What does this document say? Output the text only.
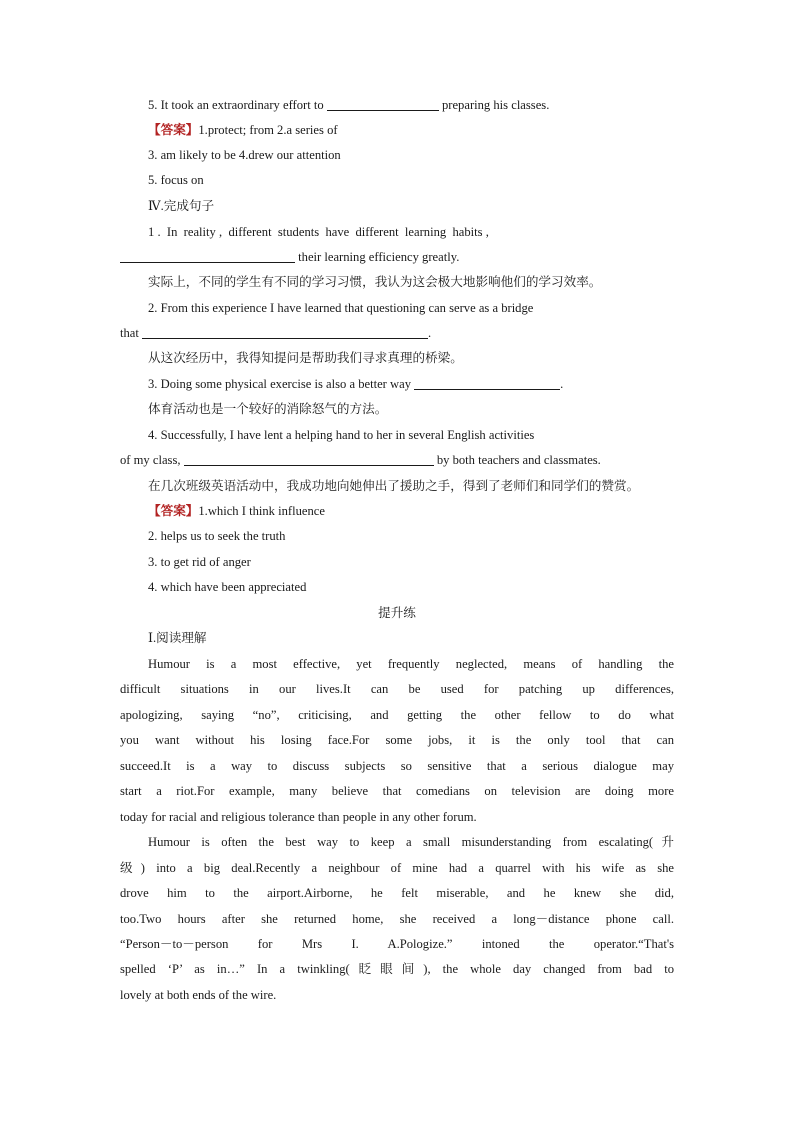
5. It took an extraordinary effort to	preparing his classes.
【答案】1.protect; from 2.a series of
3. am likely to be 4.drew our attention
5. focus on
Ⅳ.完成句子
1 .  In  reality ,  different  students  have  different  learning  habits ,
their learning efficiency greatly.
实际上，不同的学生有不同的学习习惯，我认为这会极大地影响他们的学习效率。
2. From this experience I have learned that questioning can serve as a bridge
that	.
从这次经历中，我得知提问是帮助我们寻求真理的桥梁。
3. Doing some physical exercise is also a better way	.
体育活动也是一个较好的消除怒气的方法。
4. Successfully, I have lent a helping hand to her in several English activities
of my class,	by both teachers and classmates.
在几次班级英语活动中，我成功地向她伸出了援助之手，得到了老师们和同学们的赞赏。
【答案】1.which I think influence
2. helps us to seek the truth
3. to get rid of anger
4. which have been appreciated
提升练
Ⅰ.阅读理解
Humour is a most effective, yet frequently neglected, means of handling the
difficult situations in our lives.It can be used for patching up differences,
apologizing, saying “no”, criticising, and getting the other fellow to do what
you want without his losing face.For some jobs, it is the only tool that can
succeed.It is a way to discuss subjects so sensitive that a serious dialogue may
start a riot.For example, many believe that comedians on television are doing more
today for racial and religious tolerance than people in any other forum.
Humour is often the best way to keep a small misunderstanding from escalating(升
级) into a big deal.Recently a neighbour of mine had a quarrel with his wife as she
drove him to the airport.Airborne, he felt miserable, and he knew she did,
too.Two hours after she returned home, she received a long－distance phone call.
“Person－to－person for Mrs I. A.Pologize.” intoned the operator.“That's
spelled ‘P’ as in…” In a twinkling(眨眼间), the whole day changed from bad to
lovely at both ends of the wire.
